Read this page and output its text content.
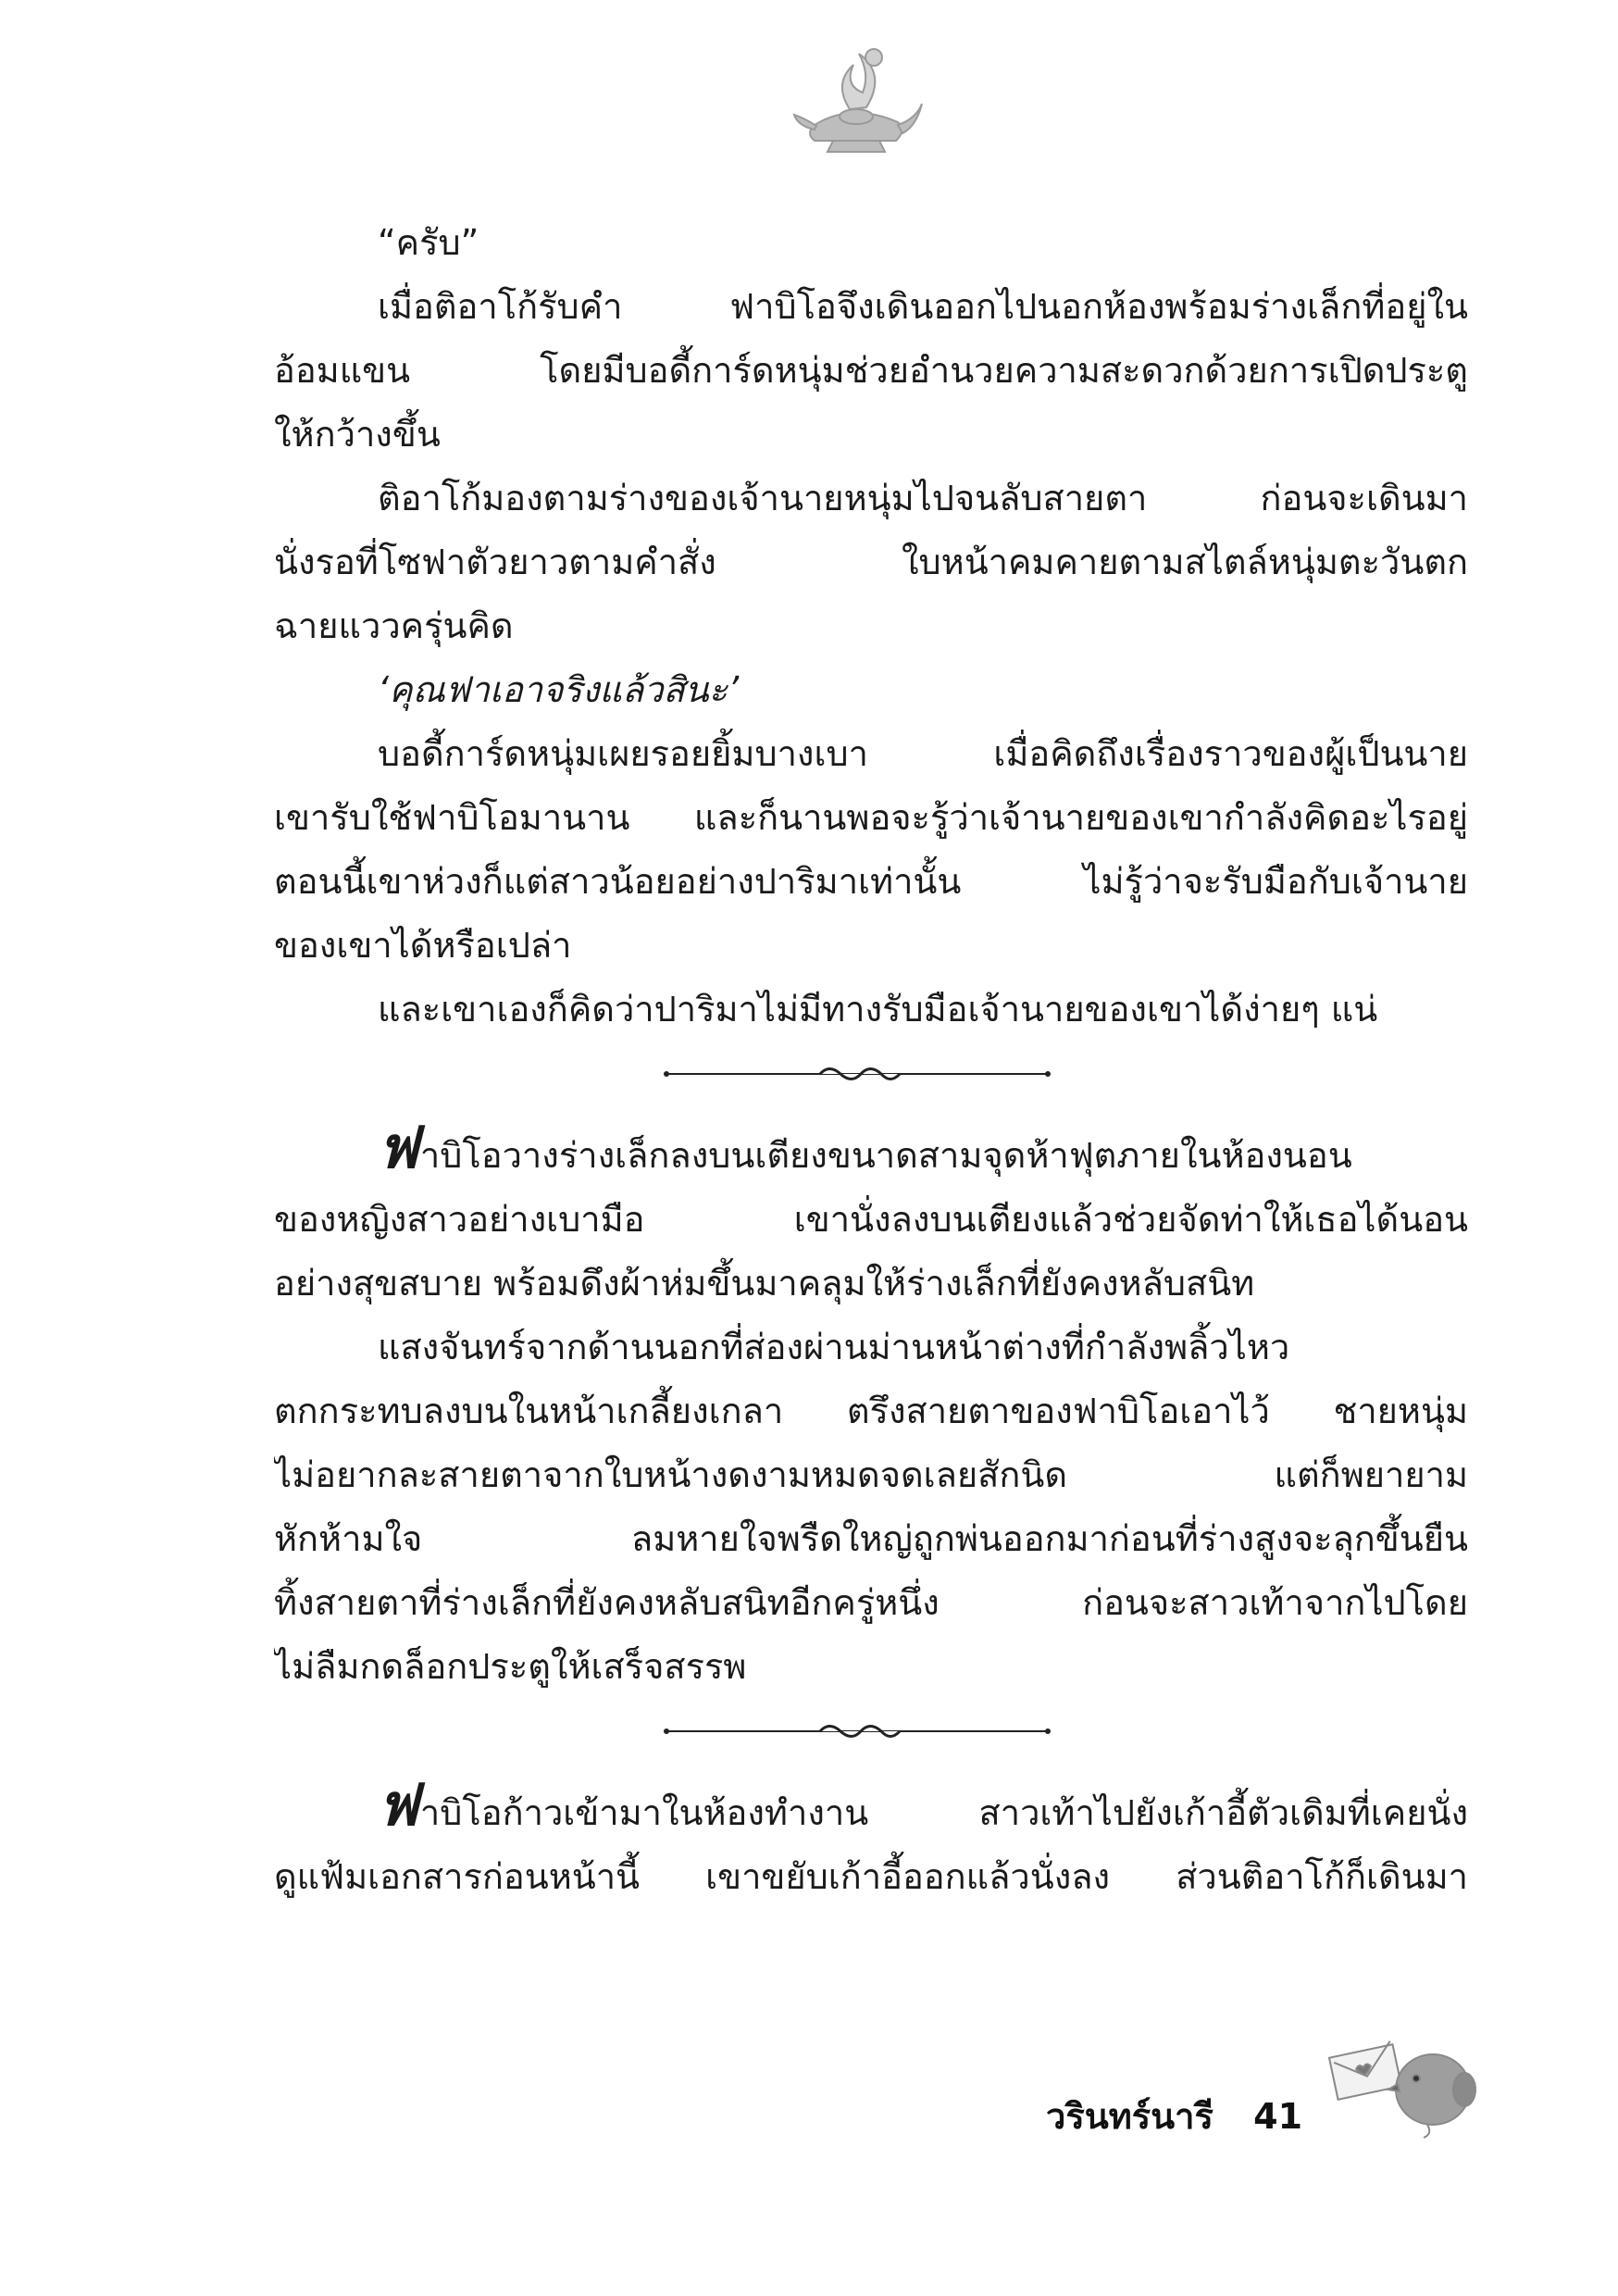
“ครับ”
เมื่อติอาโก้รับคำ ฟาบิโอจึงเดินออกไปนอกห้องพร้อมร่างเล็กที่อยู่ใน
อ้อมแขน โดยมีบอดี้การ์ดหนุ่มช่วยอำนวยความสะดวกด้วยการเปิดประตู
ให้กว้างขึ้น
ติอาโก้มองตามร่างของเจ้านายหนุ่มไปจนลับสายตา ก่อนจะเดินมา
นั่งรอที่โซฟาตัวยาวตามคำสั่ง ใบหน้าคมคายตามสไตล์หนุ่มตะวันตก
ฉายแววครุ่นคิด
‘คุณฟาเอาจริงแล้วสินะ’
บอดี้การ์ดหนุ่มเผยรอยยิ้มบางเบา เมื่อคิดถึงเรื่องราวของผู้เป็นนาย
เขารับใช้ฟาบิโอมานาน และก็นานพอจะรู้ว่าเจ้านายของเขากำลังคิดอะไรอยู่
ตอนนี้เขาห่วงก็แต่สาวน้อยอย่างปาริมาเท่านั้น ไม่รู้ว่าจะรับมือกับเจ้านาย
ของเขาได้หรือเปล่า
และเขาเองก็คิดว่าปาริมาไม่มีทางรับมือเจ้านายของเขาได้ง่ายๆ แน่
ฟาบิโอวางร่างเล็กลงบนเตียงขนาดสามจุดห้าฟุตภายในห้องนอน
ของหญิงสาวอย่างเบามือ เขานั่งลงบนเตียงแล้วช่วยจัดท่าให้เธอได้นอน
อย่างสุขสบาย พร้อมดึงผ้าห่มขึ้นมาคลุมให้ร่างเล็กที่ยังคงหลับสนิท
แสงจันทร์จากด้านนอกที่ส่องผ่านม่านหน้าต่างที่กำลังพลิ้วไหว
ตกกระทบลงบนในหน้าเกลี้ยงเกลา ตรึงสายตาของฟาบิโอเอาไว้ ชายหนุ่ม
ไม่อยากละสายตาจากใบหน้างดงามหมดจดเลยสักนิด แต่ก็พยายาม
หักห้ามใจ ลมหายใจพรืดใหญ่ถูกพ่นออกมาก่อนที่ร่างสูงจะลุกขึ้นยืน
ทิ้งสายตาที่ร่างเล็กที่ยังคงหลับสนิทอีกครู่หนึ่ง ก่อนจะสาวเท้าจากไปโดย
ไม่ลืมกดล็อกประตูให้เสร็จสรรพ
ฟาบิโอก้าวเข้ามาในห้องทำงาน สาวเท้าไปยังเก้าอี้ตัวเดิมที่เคยนั่ง
ดูแฟ้มเอกสารก่อนหน้านี้ เขาขยับเก้าอี้ออกแล้วนั่งลง ส่วนติอาโก้ก็เดินมา
วรินทร์นารี 41
